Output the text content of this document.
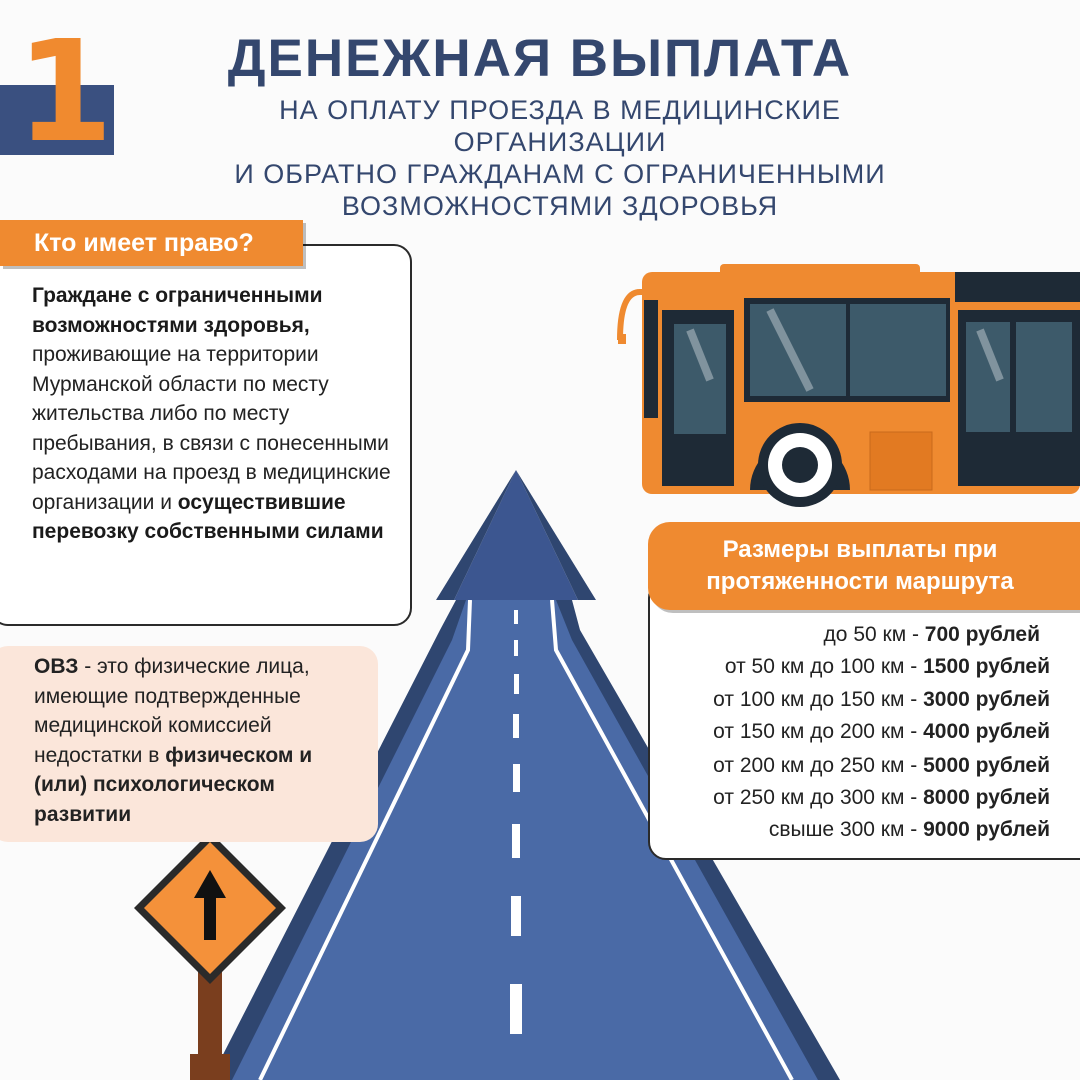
1	ДЕНЕЖНАЯ ВЫПЛАТА
НА ОПЛАТУ ПРОЕЗДА В МЕДИЦИНСКИЕ ОРГАНИЗАЦИИ
И ОБРАТНО ГРАЖДАНАМ С ОГРАНИЧЕННЫМИ
ВОЗМОЖНОСТЯМИ ЗДОРОВЬЯ
Кто имеет право?
Граждане с ограниченными возможностями здоровья, проживающие на территории Мурманской области по месту жительства либо по месту пребывания, в связи с понесенными расходами на проезд в медицинские организации и осуществившие перевозку собственными силами
ОВЗ - это физические лица, имеющие подтвержденные медицинской комиссией недостатки в физическом и (или) психологическом развитии
Размеры выплаты при
протяженности маршрута
до 50 км - 700 рублей
от 50 км до 100 км - 1500 рублей
от 100 км до 150 км - 3000 рублей
от 150 км до 200 км - 4000 рублей
от 200 км до 250 км - 5000 рублей
от 250 км до 300 км - 8000 рублей
свыше 300 км - 9000 рублей
